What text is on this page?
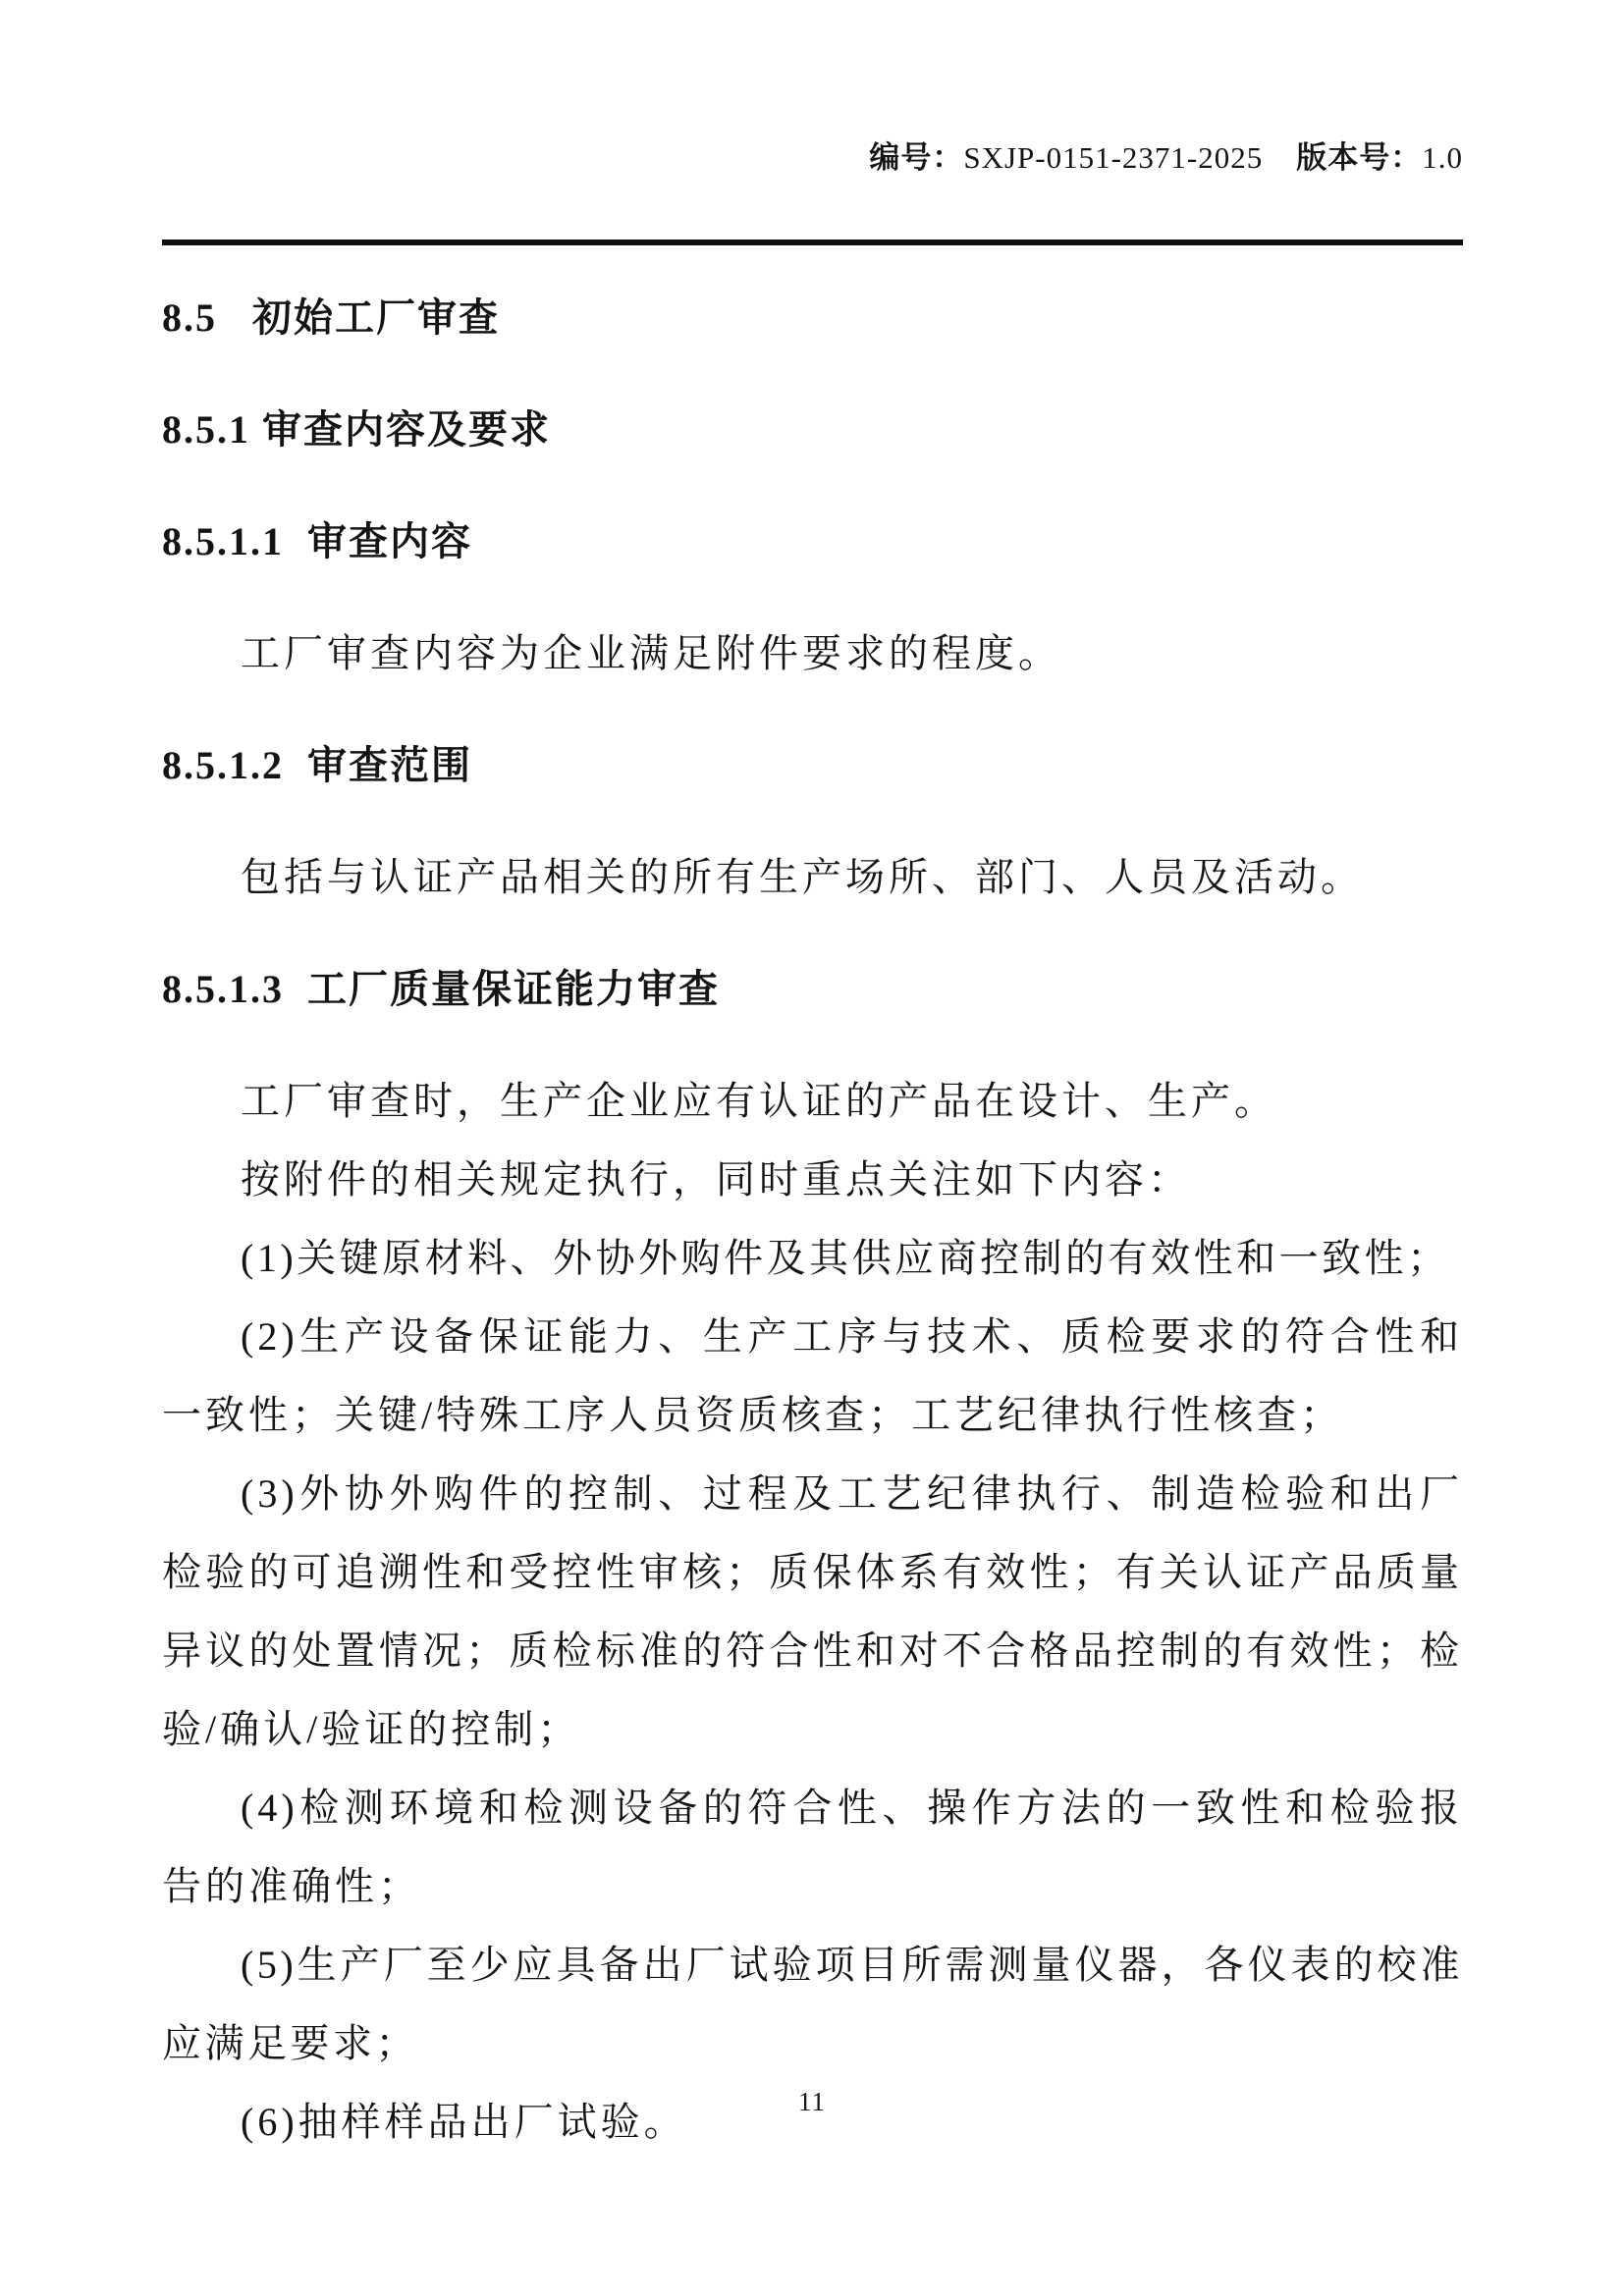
编号：SXJP-0151-2371-2025 版本号：1.0

8.5   初始工厂审查
8.5.1 审查内容及要求
8.5.1.1  审查内容

工厂审查内容为企业满足附件要求的程度。

8.5.1.2  审查范围

包括与认证产品相关的所有生产场所、部门、人员及活动。

8.5.1.3  工厂质量保证能力审查

工厂审查时，生产企业应有认证的产品在设计、生产。

按附件的相关规定执行，同时重点关注如下内容：

(1)关键原材料、外协外购件及其供应商控制的有效性和一致性；

(2)生产设备保证能力、生产工序与技术、质检要求的符合性和一致性；关键/特殊工序人员资质核查；工艺纪律执行性核查；

(3)外协外购件的控制、过程及工艺纪律执行、制造检验和出厂检验的可追溯性和受控性审核；质保体系有效性；有关认证产品质量异议的处置情况；质检标准的符合性和对不合格品控制的有效性；检验/确认/验证的控制；

(4)检测环境和检测设备的符合性、操作方法的一致性和检验报告的准确性；

(5)生产厂至少应具备出厂试验项目所需测量仪器，各仪表的校准应满足要求；

(6)抽样样品出厂试验。	11
